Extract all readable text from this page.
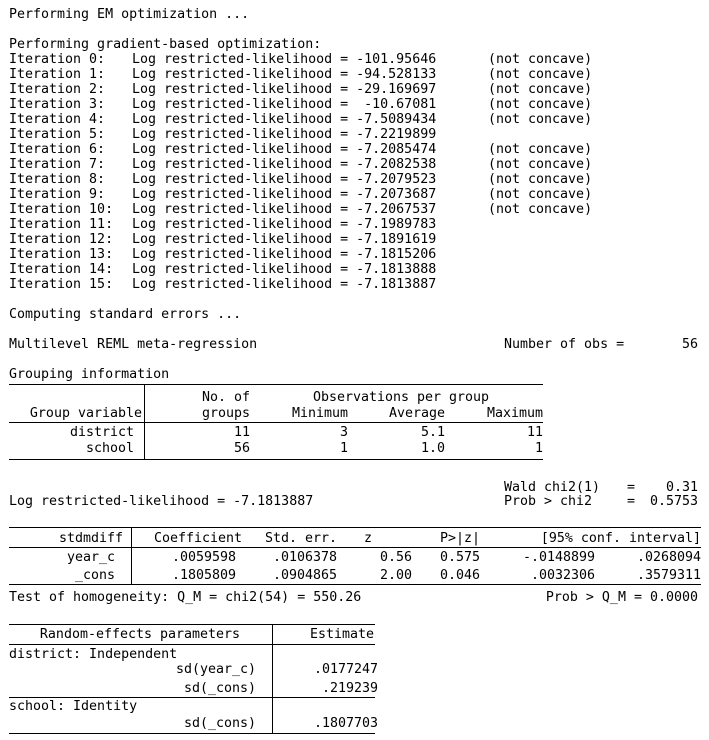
Performing EM optimization ...
Performing gradient-based optimization:
Iteration 0: Log restricted-likelihood = -101.95646	(not concave)
Iteration 1: Log restricted-likelihood = -94.528133	(not concave)
Iteration 2: Log restricted-likelihood = -29.169697	(not concave)
Iteration 3: Log restricted-likelihood =  -10.67081	(not concave)
Iteration 4: Log restricted-likelihood = -7.5089434	(not concave)
Iteration 5: Log restricted-likelihood = -7.2219899
Iteration 6: Log restricted-likelihood = -7.2085474	(not concave)
Iteration 7: Log restricted-likelihood = -7.2082538	(not concave)
Iteration 8: Log restricted-likelihood = -7.2079523	(not concave)
Iteration 9: Log restricted-likelihood = -7.2073687	(not concave)
Iteration 10: Log restricted-likelihood = -7.2067537	(not concave)
Iteration 11: Log restricted-likelihood = -7.1989783
Iteration 12: Log restricted-likelihood = -7.1891619
Iteration 13: Log restricted-likelihood = -7.1815206
Iteration 14: Log restricted-likelihood = -7.1813888
Iteration 15: Log restricted-likelihood = -7.1813887
Computing standard errors ...
Multilevel REML meta-regression	Number of obs =	56
Grouping information
No. of	Observations per group
Group variable	groups	Minimum	Average	Maximum
district	11	3	5.1	11
school	56	1	1.0	1
Wald chi2(1) =	0.31
Log restricted-likelihood = -7.1813887	Prob > chi2	=	0.5753
stdmdiff	Coefficient	Std. err.	z	P>|z|	[95% conf. interval]
year_c	.0059598	.0106378	0.56	0.575	-.0148899	.0268094
_cons	.1805809	.0904865	2.00	0.046	.0032306	.3579311
Test of homogeneity: Q_M = chi2(54) = 550.26	Prob > Q_M = 0.0000
Random-effects parameters	Estimate
district: Independent
sd(year_c)	.0177247
sd(_cons)	.219239
school: Identity
sd(_cons)	.1807703
